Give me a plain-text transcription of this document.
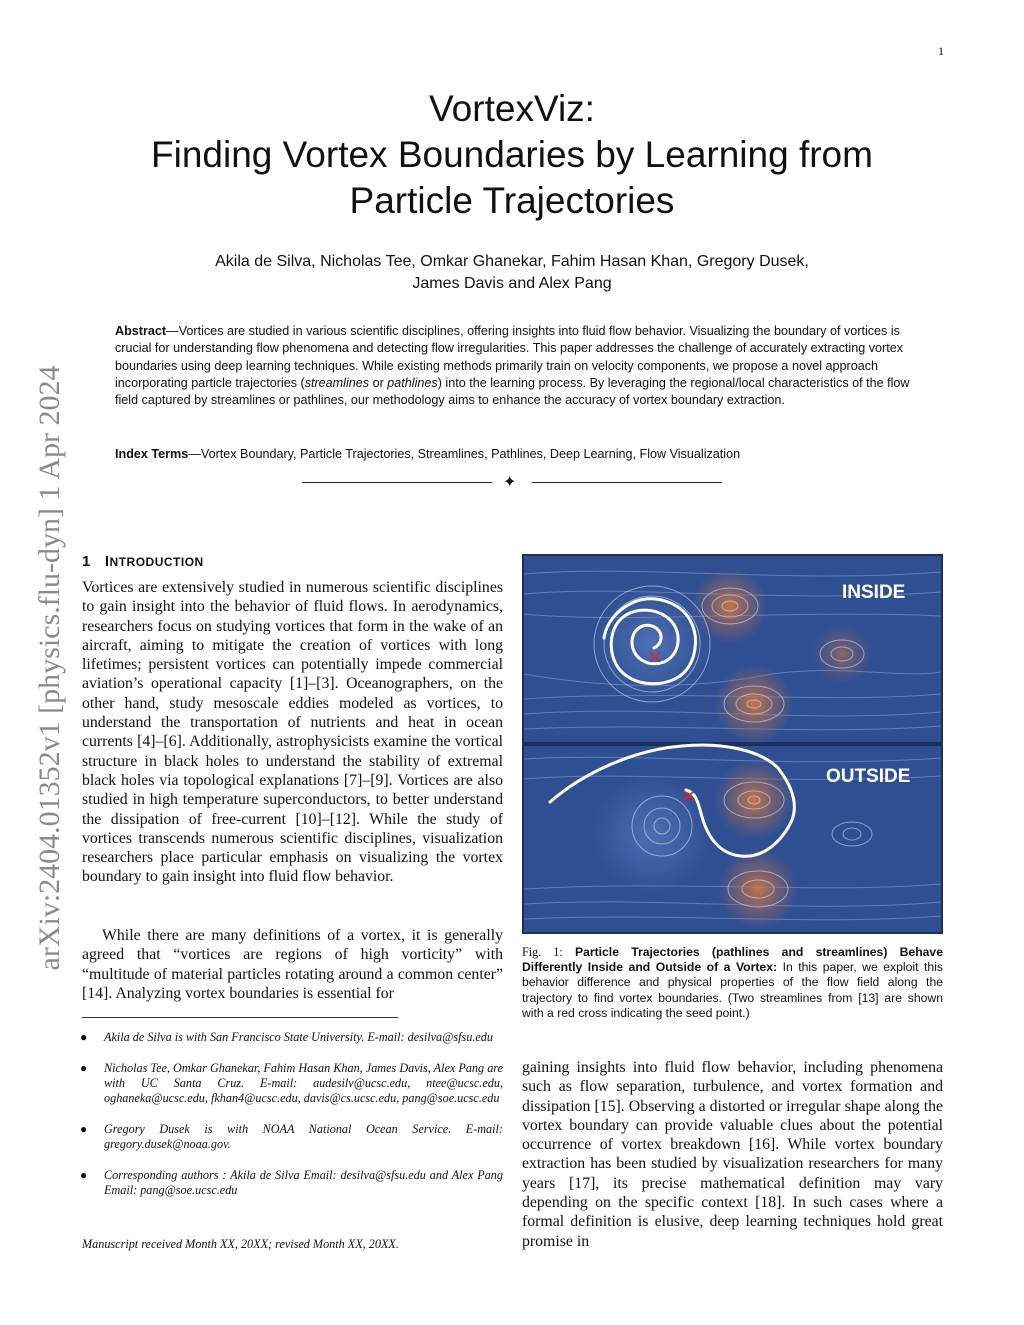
1
VortexViz:
Finding Vortex Boundaries by Learning from
Particle Trajectories
Akila de Silva, Nicholas Tee, Omkar Ghanekar, Fahim Hasan Khan, Gregory Dusek,
James Davis and Alex Pang
Abstract—Vortices are studied in various scientific disciplines, offering insights into fluid flow behavior. Visualizing the boundary of vortices is crucial for understanding flow phenomena and detecting flow irregularities. This paper addresses the challenge of accurately extracting vortex boundaries using deep learning techniques. While existing methods primarily train on velocity components, we propose a novel approach incorporating particle trajectories (streamlines or pathlines) into the learning process. By leveraging the regional/local characteristics of the flow field captured by streamlines or pathlines, our methodology aims to enhance the accuracy of vortex boundary extraction.
Index Terms—Vortex Boundary, Particle Trajectories, Streamlines, Pathlines, Deep Learning, Flow Visualization
✦
arXiv:2404.01352v1 [physics.flu-dyn] 1 Apr 2024 1 INTRODUCTION

Vortices are extensively studied in numerous scientific disciplines to gain insight into the behavior of fluid flows. In aerodynamics, researchers focus on studying vortices that form in the wake of an aircraft, aiming to mitigate the creation of vortices with long lifetimes; persistent vortices can potentially impede commercial aviation’s operational capacity [1]–[3]. Oceanographers, on the other hand, study mesoscale eddies modeled as vortices, to understand the transportation of nutrients and heat in ocean currents [4]–[6]. Additionally, astrophysicists examine the vortical structure in black holes to understand the stability of extremal black holes via topological explanations [7]–[9]. Vortices are also studied in high temperature superconductors, to better understand the dissipation of free-current [10]–[12]. While the study of vortices transcends numerous scientific disciplines, visualization researchers place particular emphasis on visualizing the vortex boundary to gain insight into fluid flow behavior.

While there are many definitions of a vortex, it is generally agreed that “vortices are regions of high vorticity” with “multitude of material particles rotating around a common center” [14]. Analyzing vortex boundaries is essential for

● Akila de Silva is with San Francisco State University. E-mail: desilva@sfsu.edu
● Nicholas Tee, Omkar Ghanekar, Fahim Hasan Khan, James Davis, Alex Pang are with UC Santa Cruz. E-mail: audesilv@ucsc.edu, ntee@ucsc.edu, oghaneka@ucsc.edu, fkhan4@ucsc.edu, davis@cs.ucsc.edu, pang@soe.ucsc.edu
● Gregory Dusek is with NOAA National Ocean Service. E-mail: gregory.dusek@noaa.gov.
● Corresponding authors : Akila de Silva Email: desilva@sfsu.edu and Alex Pang Email: pang@soe.ucsc.edu
Manuscript received Month XX, 20XX; revised Month XX, 20XX.
INSIDE
OUTSIDE
Fig. 1: Particle Trajectories (pathlines and streamlines) Behave Differently Inside and Outside of a Vortex: In this paper, we exploit this behavior difference and physical properties of the flow field along the trajectory to find vortex boundaries. (Two streamlines from [13] are shown with a red cross indicating the seed point.)

gaining insights into fluid flow behavior, including phenomena such as flow separation, turbulence, and vortex formation and dissipation [15]. Observing a distorted or irregular shape along the vortex boundary can provide valuable clues about the potential occurrence of vortex breakdown [16]. While vortex boundary extraction has been studied by visualization researchers for many years [17], its precise mathematical definition may vary depending on the specific context [18]. In such cases where a formal definition is elusive, deep learning techniques hold great promise in
